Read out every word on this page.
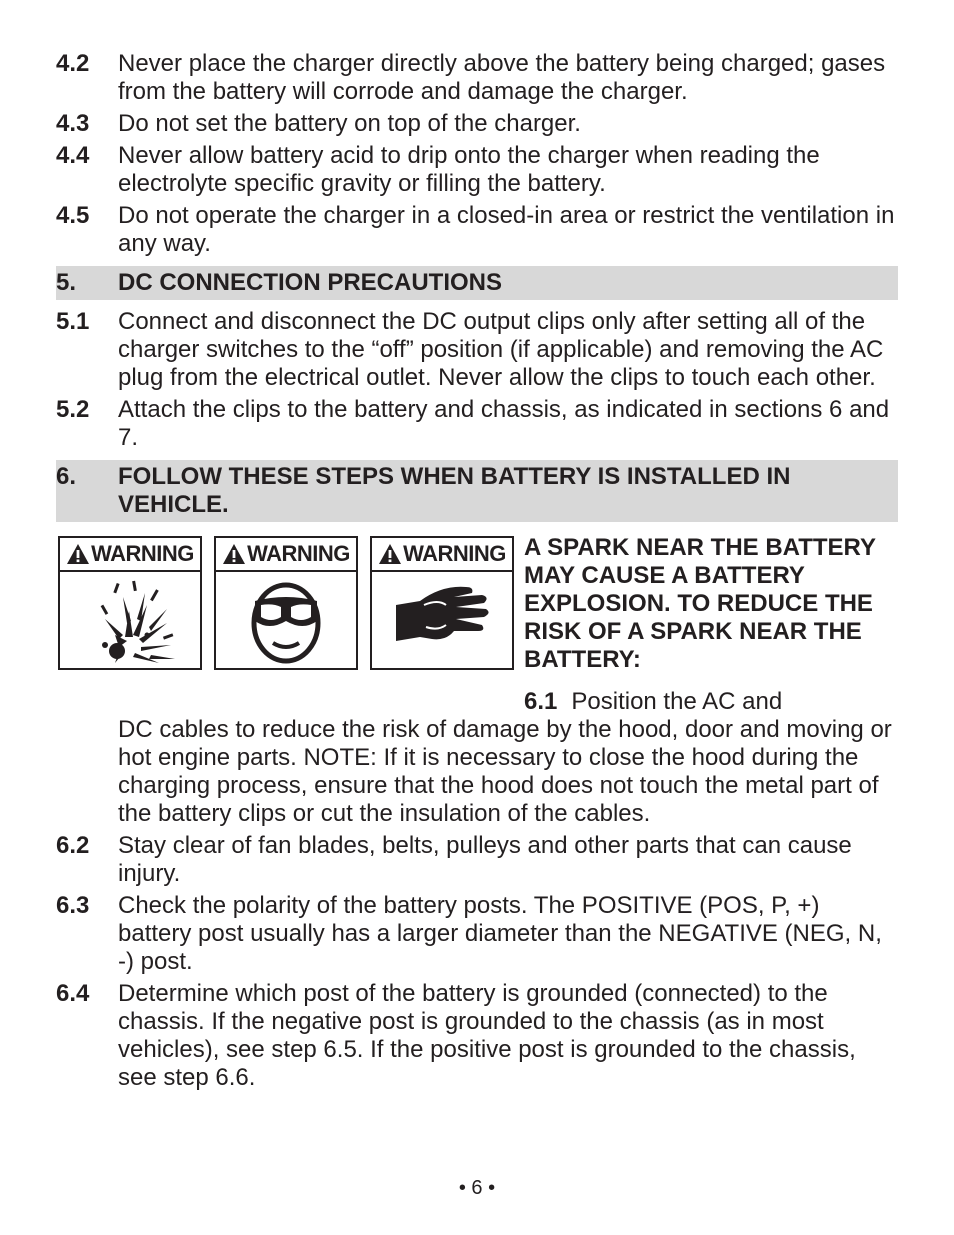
4.2	Never place the charger directly above the battery being charged; gases from the battery will corrode and damage the charger.
4.3	Do not set the battery on top of the charger.
4.4	Never allow battery acid to drip onto the charger when reading the electrolyte specific gravity or filling the battery.
4.5	Do not operate the charger in a closed-in area or restrict the ventilation in any way.
5.	DC CONNECTION PRECAUTIONS
5.1	Connect and disconnect the DC output clips only after setting all of the charger switches to the “off” position (if applicable) and removing the AC plug from the electrical outlet. Never allow the clips to touch each other.
5.2	Attach the clips to the battery and chassis, as indicated in sections 6 and 7.
6.	FOLLOW THESE STEPS WHEN BATTERY IS INSTALLED IN VEHICLE.
WARNING WARNING WARNING A SPARK NEAR THE BATTERY MAY CAUSE A BATTERY EXPLOSION. TO REDUCE THE RISK OF A SPARK NEAR THE BATTERY:
6.1 Position the AC and
DC cables to reduce the risk of damage by the hood, door and moving or hot engine parts. NOTE: If it is necessary to close the hood during the charging process, ensure that the hood does not touch the metal part of the battery clips or cut the insulation of the cables.
6.2	Stay clear of fan blades, belts, pulleys and other parts that can cause injury.
6.3	Check the polarity of the battery posts. The POSITIVE (POS, P, +) battery post usually has a larger diameter than the NEGATIVE (NEG, N, -) post.
6.4	Determine which post of the battery is grounded (connected) to the chassis. If the negative post is grounded to the chassis (as in most vehicles), see step 6.5. If the positive post is grounded to the chassis, see step 6.6.
• 6 •
